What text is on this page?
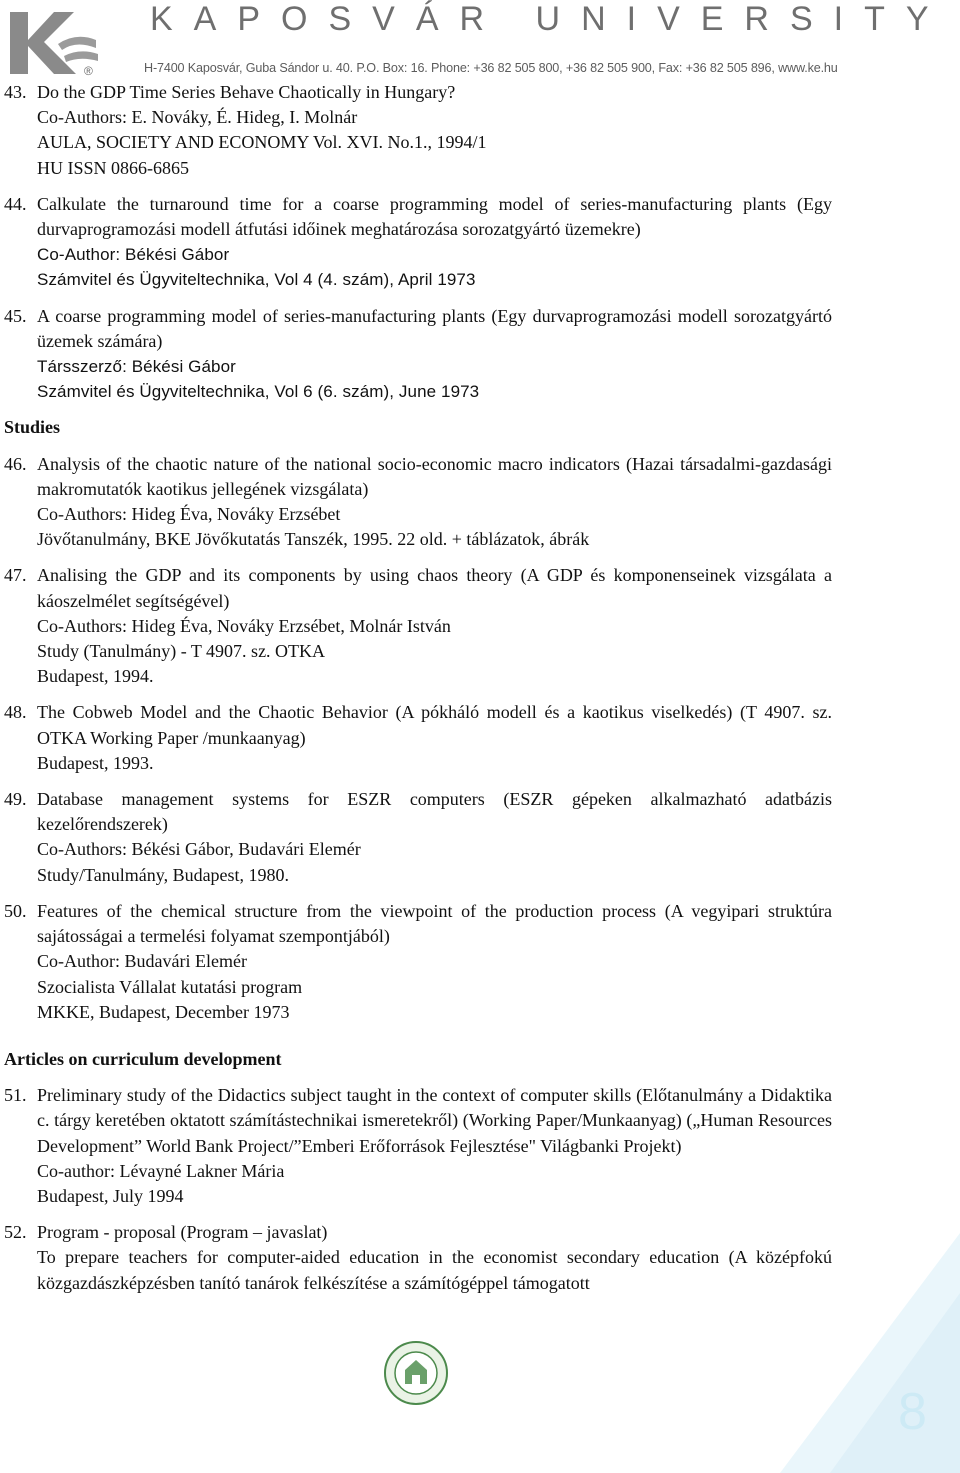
®
KAPOSVÁR UNIVERSITY
H-7400 Kaposvár, Guba Sándor u. 40. P.O. Box: 16. Phone: +36 82 505 800, +36 82 505 900, Fax: +36 82 505 896, www.ke.hu
43. Do the GDP Time Series Behave Chaotically in Hungary?
Co-Authors: E. Nováky, É. Hideg, I. Molnár
AULA, SOCIETY AND ECONOMY Vol. XVI. No.1., 1994/1
HU ISSN 0866-6865
44. Calkulate the turnaround time for a coarse programming model of series-manufacturing plants (Egy durvaprogramozási modell átfutási időinek meghatározása sorozatgyártó üzemekre)
Co-Author: Békési Gábor
Számvitel és Ügyviteltechnika, Vol 4 (4. szám), April 1973
45. A coarse programming model of series-manufacturing plants (Egy durvaprogramozási modell sorozatgyártó üzemek számára)
Társszerző: Békési Gábor
Számvitel és Ügyviteltechnika, Vol 6 (6. szám), June 1973
Studies
46. Analysis of the chaotic nature of the national socio-economic macro indicators (Hazai társadalmi-gazdasági makromutatók kaotikus jellegének vizsgálata)
Co-Authors: Hideg Éva, Nováky Erzsébet
Jövőtanulmány, BKE Jövőkutatás Tanszék, 1995. 22 old. + táblázatok, ábrák
47. Analising the GDP and its components by using chaos theory (A GDP és komponenseinek vizsgálata a káoszelmélet segítségével)
Co-Authors: Hideg Éva, Nováky Erzsébet, Molnár István
Study (Tanulmány) - T 4907. sz. OTKA
Budapest, 1994.
48. The Cobweb Model and the Chaotic Behavior (A pókháló modell és a kaotikus viselkedés) (T 4907. sz. OTKA Working Paper /munkaanyag)
Budapest, 1993.
49. Database management systems for ESZR computers (ESZR gépeken alkalmazható adatbázis kezelőrendszerek)
Co-Authors: Békési Gábor, Budavári Elemér
Study/Tanulmány, Budapest, 1980.
50. Features of the chemical structure from the viewpoint of the production process (A vegyipari struktúra sajátosságai a termelési folyamat szempontjából)
Co-Author: Budavári Elemér
Szocialista Vállalat kutatási program
MKKE, Budapest, December 1973
Articles on curriculum development
51. Preliminary study of the Didactics subject taught in the context of computer skills (Előtanulmány a Didaktika c. tárgy keretében oktatott számítástechnikai ismeretekről) (Working Paper/Munkaanyag) („Human Resources Development” World Bank Project/”Emberi Erőforrások Fejlesztése" Világbanki Projekt)
Co-author: Lévayné Lakner Mária
Budapest, July 1994
52. Program - proposal (Program – javaslat)
To prepare teachers for computer-aided education in the economist secondary education (A középfokú közgazdászképzésben tanító tanárok felkészítése a számítógéppel támogatott
8
